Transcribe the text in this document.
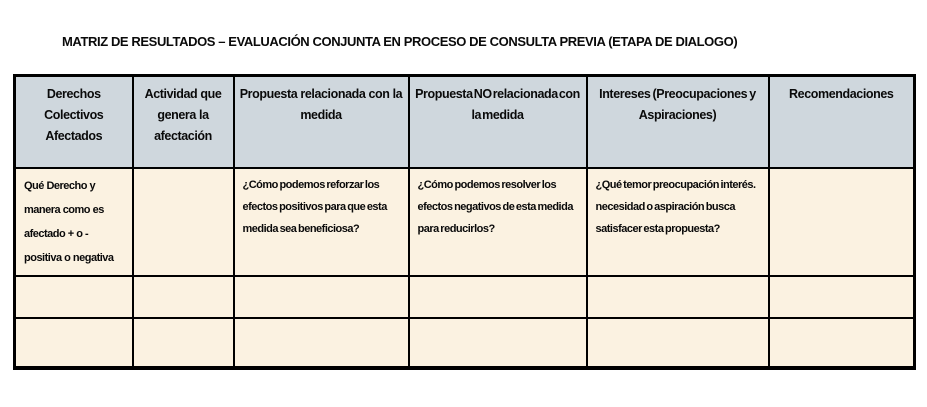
MATRIZ DE RESULTADOS – EVALUACIÓN CONJUNTA EN PROCESO DE CONSULTA PREVIA (ETAPA DE DIALOGO)
Derechos Colectivos Afectados	Actividad que genera la afectación	Propuesta relacionada con la medida	Propuesta NO relacionada con la medida	Intereses (Preocupaciones y Aspiraciones)	Recomendaciones
Qué Derecho y manera como es afectado + o - positiva o negativa		¿Cómo podemos reforzar los efectos positivos para que esta medida sea beneficiosa?	¿Cómo podemos resolver los efectos negativos de esta medida para reducirlos?	¿Qué temor preocupación interés. necesidad o aspiración busca satisfacer esta propuesta?	
